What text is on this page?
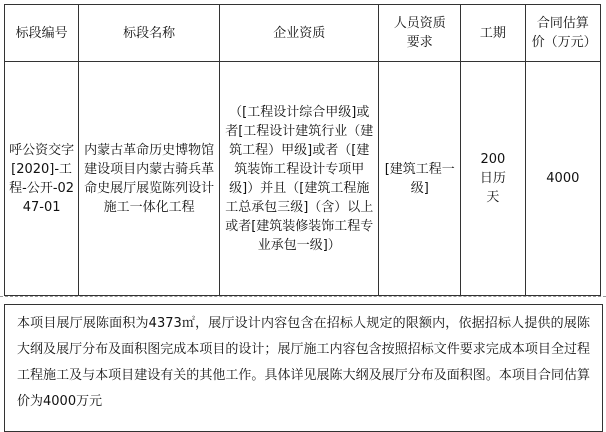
标段编号	标段名称	企业资质	人员资质要求	工期	合同估算价（万元）

呼公资交字[2020]-工程-公开-0247-01	内蒙古革命历史博物馆建设项目内蒙古骑兵革命史展厅展览陈列设计施工一体化工程	（[工程设计综合甲级]或者[工程设计建筑行业（建筑工程）甲级]或者（[建筑装饰工程设计专项甲级]）并且（[建筑工程施工总承包三级]（含）以上或者[建筑装修装饰工程专业承包一级]）	[建筑工程一级]	200日历天	4000
本项目展厅展陈面积为4373㎡，展厅设计内容包含在招标人规定的限额内，依据招标人提供的展陈大纲及展厅分布及面积图完成本项目的设计；展厅施工内容包含按照招标文件要求完成本项目全过程工程施工及与本项目建设有关的其他工作。具体详见展陈大纲及展厅分布及面积图。本项目合同估算价为4000万元
